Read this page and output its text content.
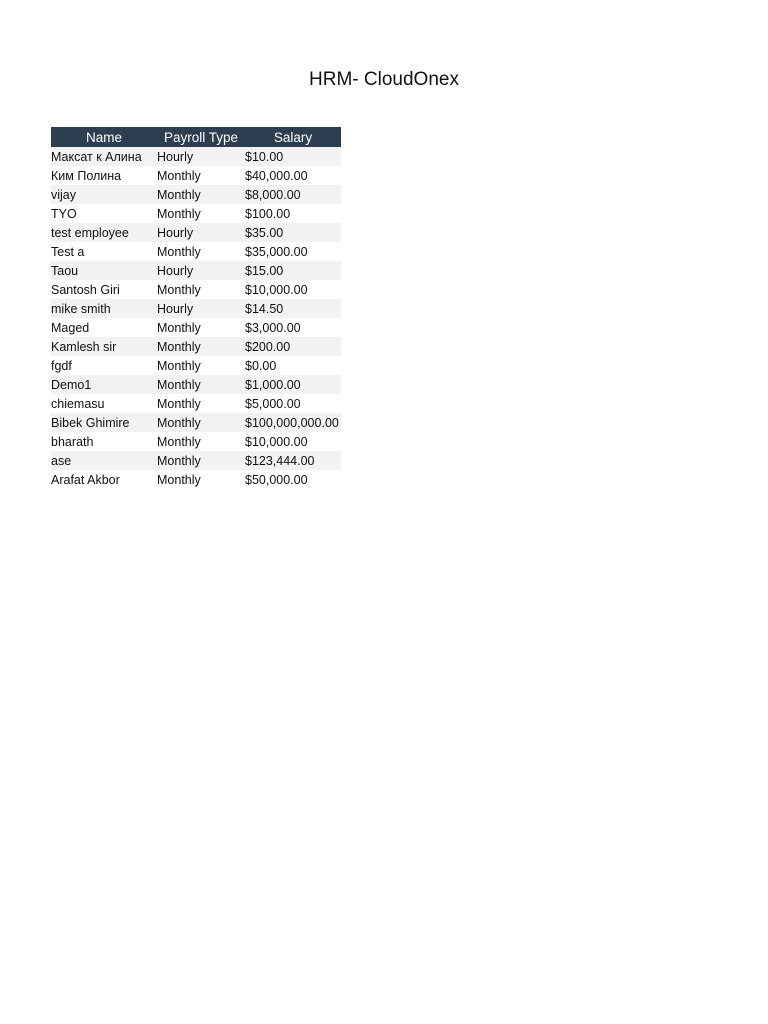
HRM- CloudOnex
Name	Payroll Type	Salary
Максат к Алина	Hourly	$10.00
Ким Полина	Monthly	$40,000.00
vijay	Monthly	$8,000.00
TYO	Monthly	$100.00
test employee	Hourly	$35.00
Test a	Monthly	$35,000.00
Taou	Hourly	$15.00
Santosh Giri	Monthly	$10,000.00
mike smith	Hourly	$14.50
Maged	Monthly	$3,000.00
Kamlesh sir	Monthly	$200.00
fgdf	Monthly	$0.00
Demo1	Monthly	$1,000.00
chiemasu	Monthly	$5,000.00
Bibek Ghimire	Monthly	$100,000,000.00
bharath	Monthly	$10,000.00
ase	Monthly	$123,444.00
Arafat Akbor	Monthly	$50,000.00
